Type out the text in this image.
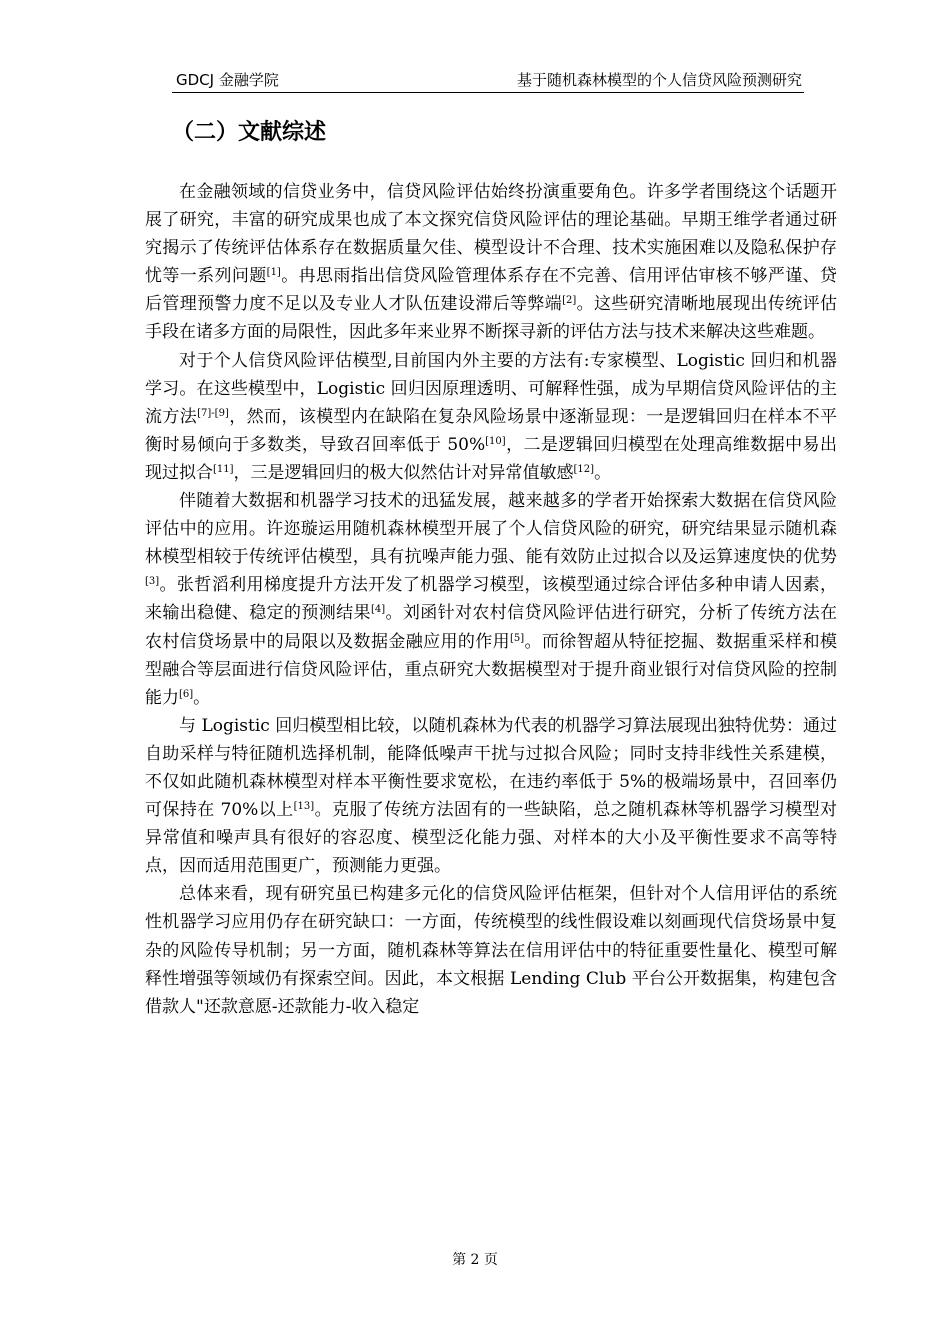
GDCJ 金融学院	基于随机森林模型的个人信贷风险预测研究
（二）文献综述

在金融领域的信贷业务中，信贷风险评估始终扮演重要角色。许多学者围绕这个话题开展了研究，丰富的研究成果也成了本文探究信贷风险评估的理论基础。早期王维学者通过研究揭示了传统评估体系存在数据质量欠佳、模型设计不合理、技术实施困难以及隐私保护存忧等一系列问题[1]。冉思雨指出信贷风险管理体系存在不完善、信用评估审核不够严谨、贷后管理预警力度不足以及专业人才队伍建设滞后等弊端[2]。这些研究清晰地展现出传统评估手段在诸多方面的局限性，因此多年来业界不断探寻新的评估方法与技术来解决这些难题。

对于个人信贷风险评估模型,目前国内外主要的方法有:专家模型、Logistic 回归和机器学习。在这些模型中，Logistic 回归因原理透明、可解释性强，成为早期信贷风险评估的主流方法[7]-[9]，然而，该模型内在缺陷在复杂风险场景中逐渐显现：一是逻辑回归在样本不平衡时易倾向于多数类，导致召回率低于 50%[10]，二是逻辑回归模型在处理高维数据中易出现过拟合[11]，三是逻辑回归的极大似然估计对异常值敏感[12]。

伴随着大数据和机器学习技术的迅猛发展，越来越多的学者开始探索大数据在信贷风险评估中的应用。许迩璇运用随机森林模型开展了个人信贷风险的研究，研究结果显示随机森林模型相较于传统评估模型，具有抗噪声能力强、能有效防止过拟合以及运算速度快的优势[3]。张哲滔利用梯度提升方法开发了机器学习模型，该模型通过综合评估多种申请人因素，来输出稳健、稳定的预测结果[4]。刘函针对农村信贷风险评估进行研究，分析了传统方法在农村信贷场景中的局限以及数据金融应用的作用[5]。而徐智超从特征挖掘、数据重采样和模型融合等层面进行信贷风险评估，重点研究大数据模型对于提升商业银行对信贷风险的控制能力[6]。

与 Logistic 回归模型相比较，以随机森林为代表的机器学习算法展现出独特优势：通过自助采样与特征随机选择机制，能降低噪声干扰与过拟合风险；同时支持非线性关系建模，不仅如此随机森林模型对样本平衡性要求宽松，在违约率低于 5%的极端场景中，召回率仍可保持在 70%以上[13]。克服了传统方法固有的一些缺陷，总之随机森林等机器学习模型对异常值和噪声具有很好的容忍度、模型泛化能力强、对样本的大小及平衡性要求不高等特点，因而适用范围更广，预测能力更强。

总体来看，现有研究虽已构建多元化的信贷风险评估框架，但针对个人信用评估的系统性机器学习应用仍存在研究缺口：一方面，传统模型的线性假设难以刻画现代信贷场景中复杂的风险传导机制；另一方面，随机森林等算法在信用评估中的特征重要性量化、模型可解释性增强等领域仍有探索空间。因此，本文根据 Lending Club 平台公开数据集，构建包含借款人"还款意愿-还款能力-收入稳定

第 2 页
